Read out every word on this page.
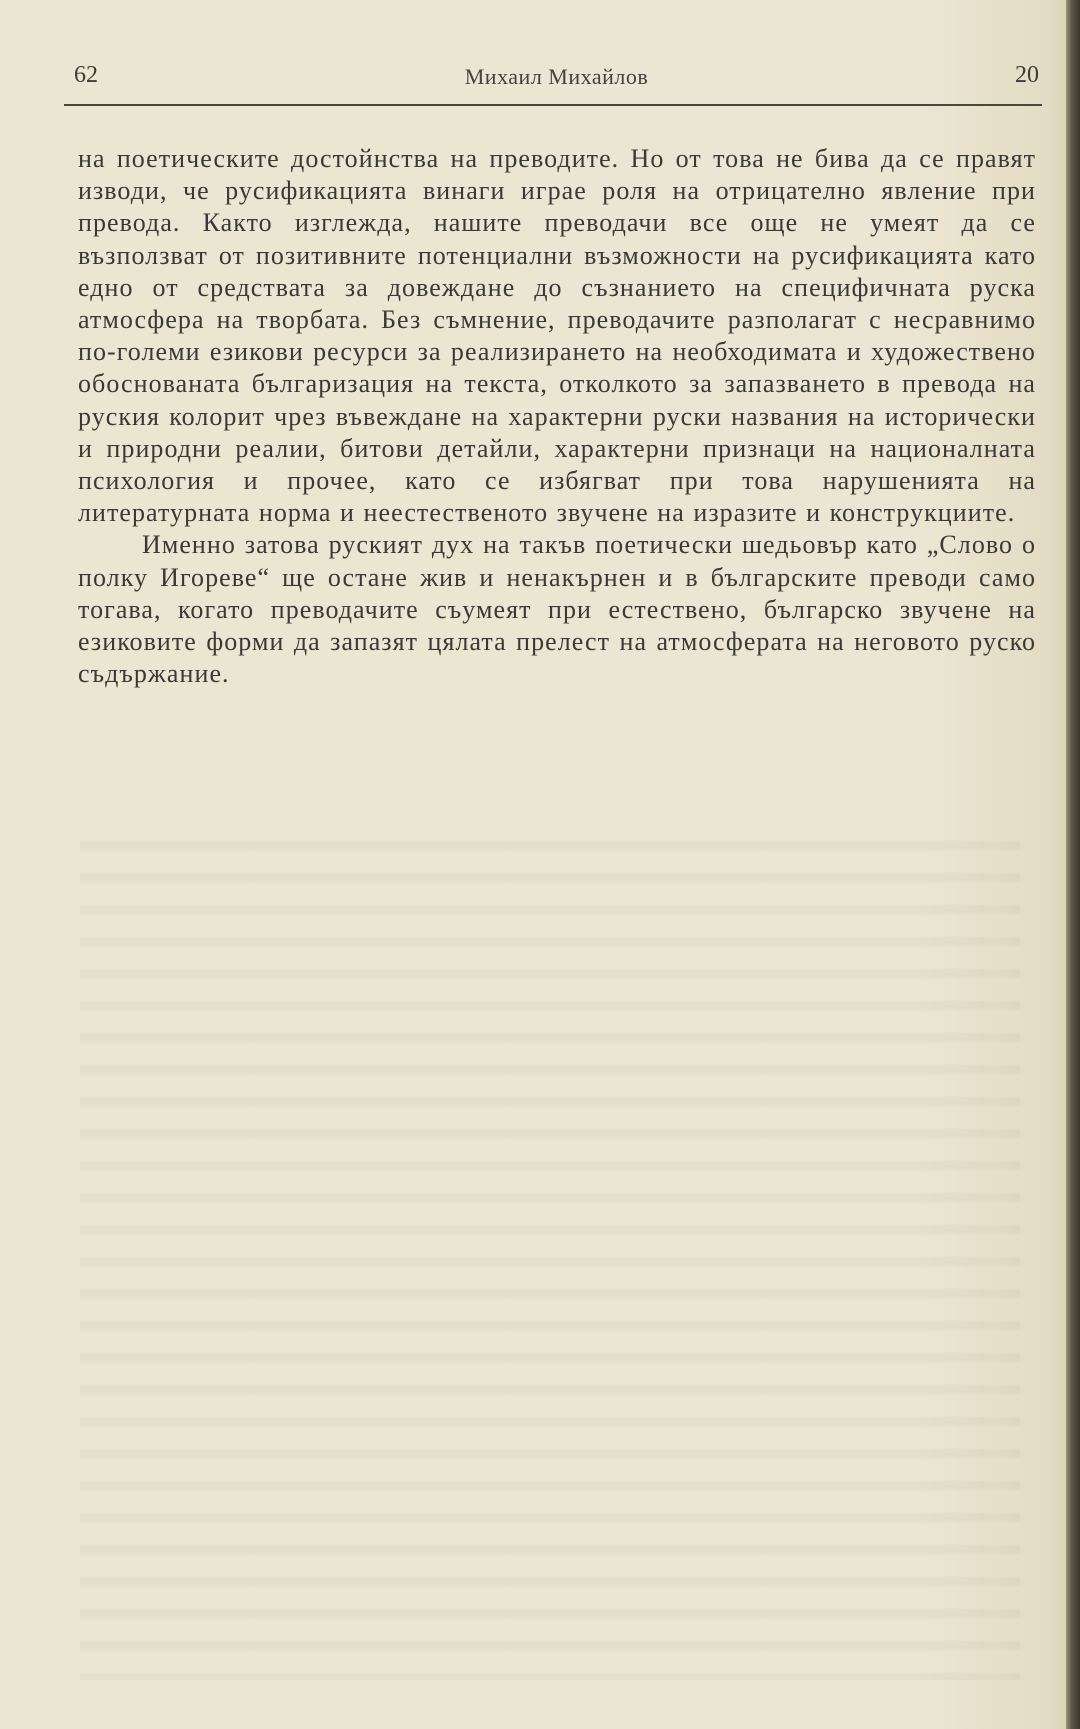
62	Михаил Михайлов	20

на поетическите достойнства на преводите. Но от това не бива да се правят изводи, че русификацията винаги играе роля на отрицателно явление при превода. Както изглежда, нашите преводачи все още не умеят да се възползват от позитивните потенциални възможности на русификацията като едно от средствата за довеждане до съзнанието на специфичната руска атмосфера на творбата. Без съмнение, преводачите разполагат с несравнимо по-големи езикови ресурси за реализирането на необходимата и художествено обоснованата българизация на текста, отколкото за запазването в превода на руския колорит чрез въвеждане на характерни руски названия на исторически и природни реалии, битови детайли, характерни признаци на националната психология и прочее, като се избягват при това нарушенията на литературната норма и неестественото звучене на изразите и конструкциите.

Именно затова руският дух на такъв поетически шедьовър като „Слово о полку Игореве“ ще остане жив и ненакърнен и в българските преводи само тогава, когато преводачите съумеят при естествено, българско звучене на езиковите форми да запазят цялата прелест на атмосферата на неговото руско съдържание.
